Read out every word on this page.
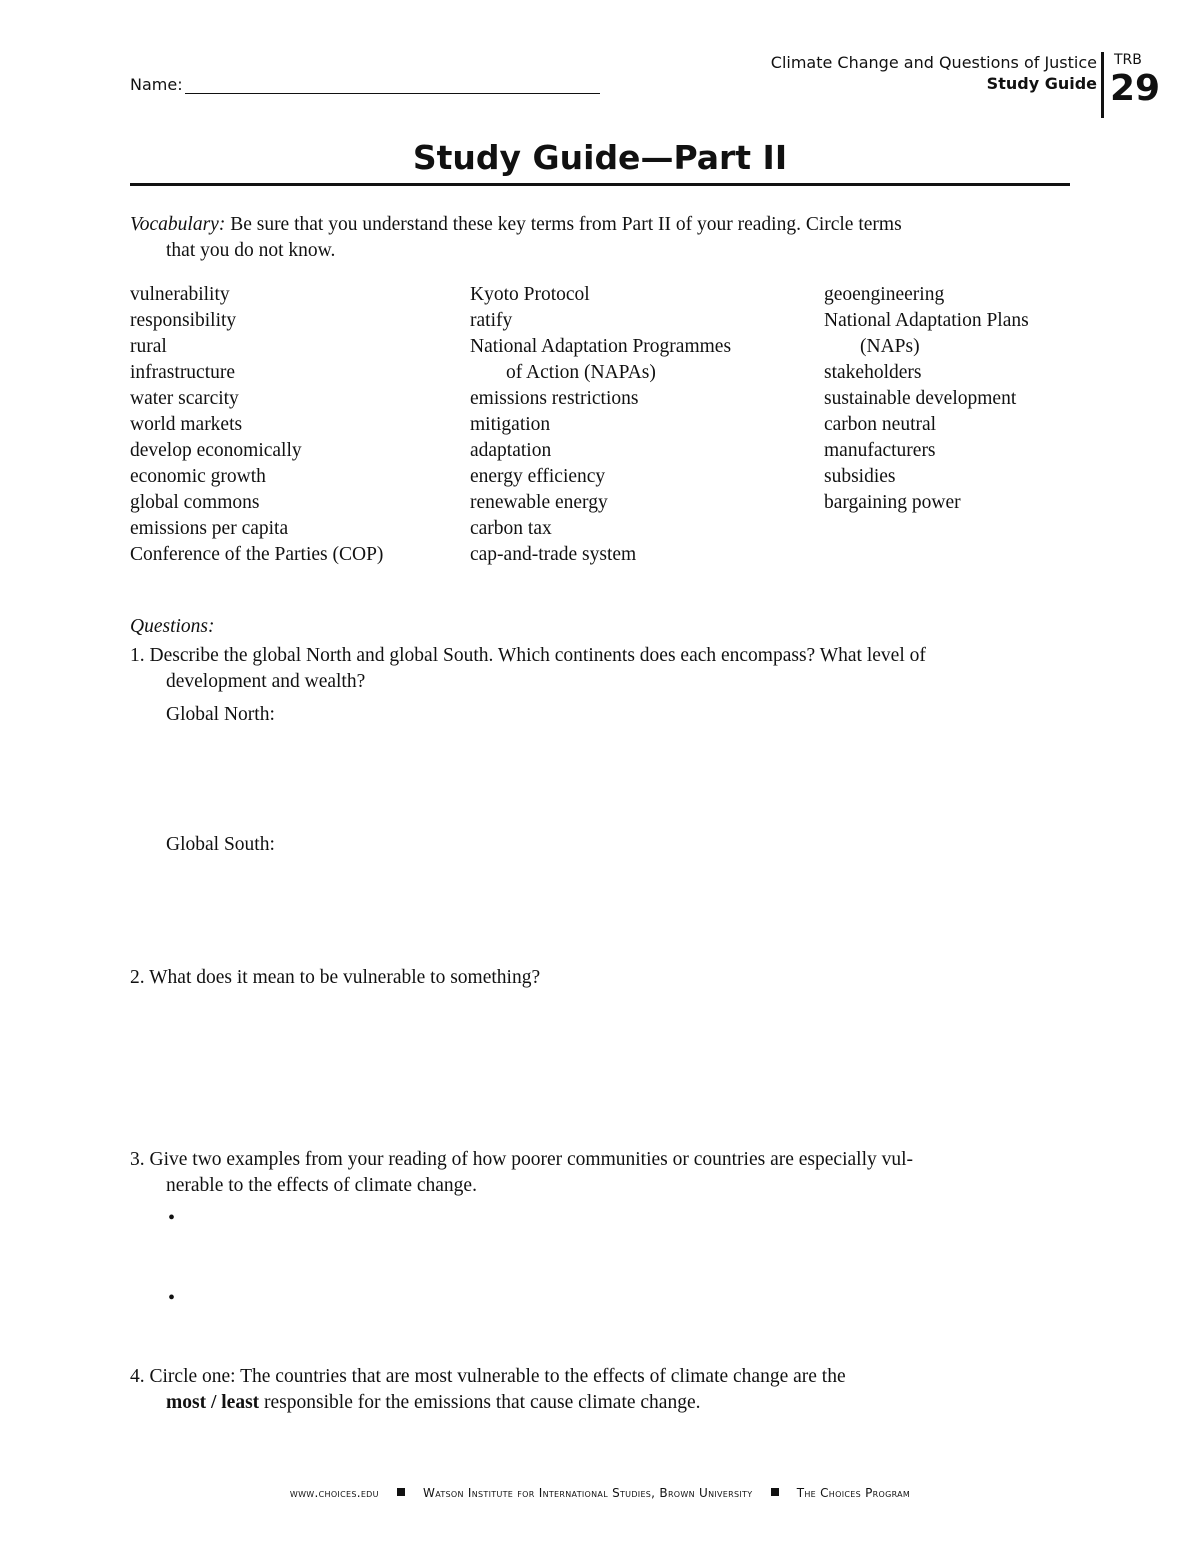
Name:
Climate Change and Questions of Justice
Study Guide
TRB
29
Study Guide—Part II
Vocabulary: Be sure that you understand these key terms from Part II of your reading. Circle terms
that you do not know.
vulnerability
responsibility
rural
infrastructure
water scarcity
world markets
develop economically
economic growth
global commons
emissions per capita
Conference of the Parties (COP)
Kyoto Protocol
ratify
National Adaptation Programmes
of Action (NAPAs)
emissions restrictions
mitigation
adaptation
energy efficiency
renewable energy
carbon tax
cap-and-trade system
geoengineering
National Adaptation Plans
(NAPs)
stakeholders
sustainable development
carbon neutral
manufacturers
subsidies
bargaining power
Questions:
1. Describe the global North and global South. Which continents does each encompass? What level of
development and wealth?
Global North:
Global South:
2. What does it mean to be vulnerable to something?
3. Give two examples from your reading of how poorer communities or countries are especially vul-
nerable to the effects of climate change.
•
•
4. Circle one: The countries that are most vulnerable to the effects of climate change are the
most / least responsible for the emissions that cause climate change.
www.choices.edu	Watson Institute for International Studies, Brown University	The Choices Program
